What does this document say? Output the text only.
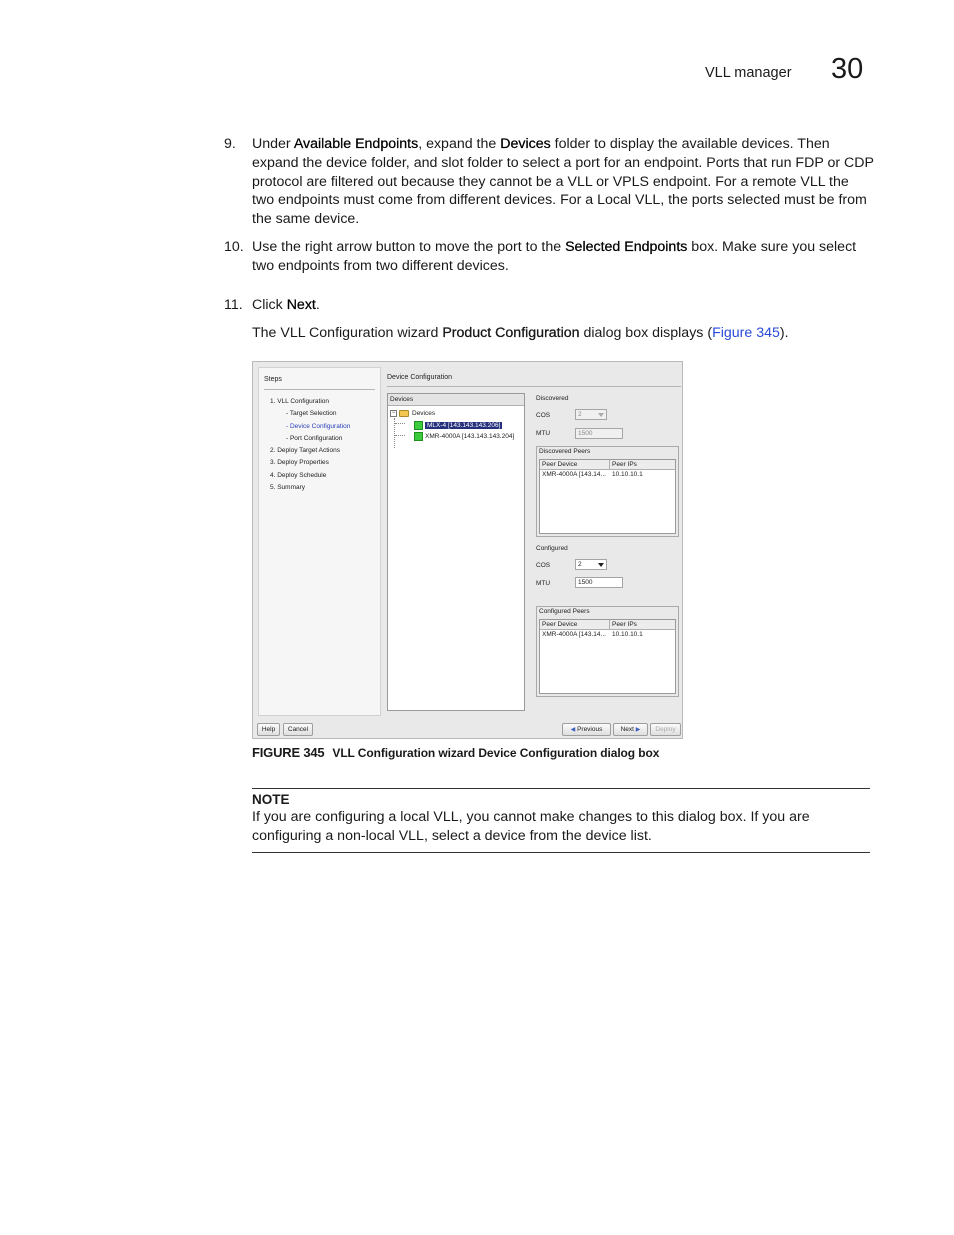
VLL manager 30
9. Under Available Endpoints, expand the Devices folder to display the available devices. Then expand the device folder, and slot folder to select a port for an endpoint. Ports that run FDP or CDP protocol are filtered out because they cannot be a VLL or VPLS endpoint. For a remote VLL the two endpoints must come from different devices. For a Local VLL, the ports selected must be from the same device.
10. Use the right arrow button to move the port to the Selected Endpoints box. Make sure you select two endpoints from two different devices.
11. Click Next.
The VLL Configuration wizard Product Configuration dialog box displays (Figure 345).
Steps
1. VLL Configuration
- Target Selection
- Device Configuration
- Port Configuration
2. Deploy Target Actions
3. Deploy Properties
4. Deploy Schedule
5. Summary
Device Configuration
Devices
−	Devices
MLX-4 [143.143.143.206]
XMR-4000A [143.143.143.204]
Discovered
COS	2
MTU	1500
Discovered Peers
Peer Device	Peer IPs
XMR-4000A [143.14... 10.10.10.1
Configured
COS	2
MTU	1500
Configured Peers
Peer Device	Peer IPs
XMR-4000A [143.14... 10.10.10.1
Help	Cancel	◀ Previous	Next ▶	Deploy
FIGURE 345 VLL Configuration wizard Device Configuration dialog box
NOTE
If you are configuring a local VLL, you cannot make changes to this dialog box. If you are configuring a non-local VLL, select a device from the device list.
